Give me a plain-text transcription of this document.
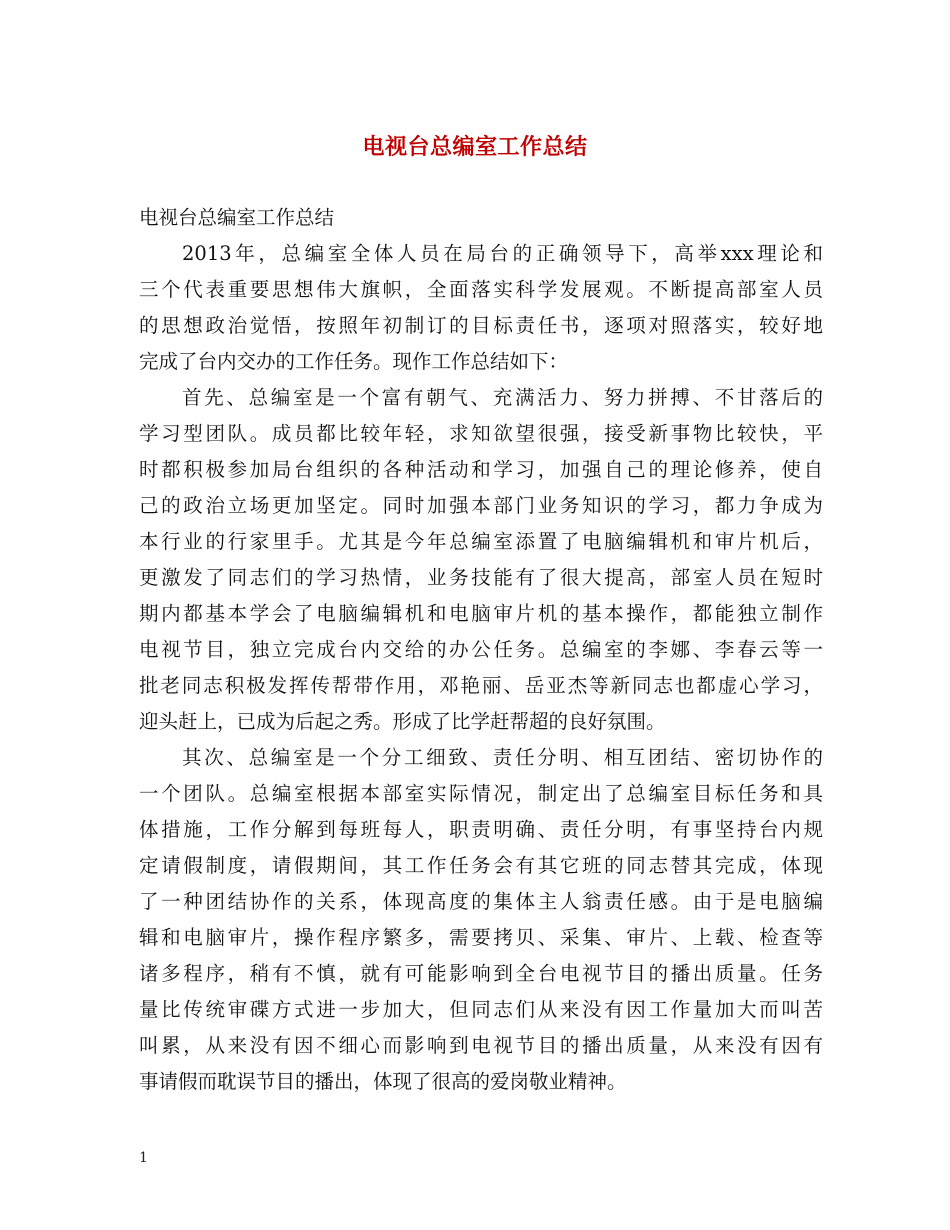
电视台总编室工作总结

电视台总编室工作总结

2013年，总编室全体人员在局台的正确领导下，高举xxx理论和
三个代表重要思想伟大旗帜，全面落实科学发展观。不断提高部室人员
的思想政治觉悟，按照年初制订的目标责任书，逐项对照落实，较好地
完成了台内交办的工作任务。现作工作总结如下：
首先、总编室是一个富有朝气、充满活力、努力拼搏、不甘落后的
学习型团队。成员都比较年轻，求知欲望很强，接受新事物比较快，平
时都积极参加局台组织的各种活动和学习，加强自己的理论修养，使自
己的政治立场更加坚定。同时加强本部门业务知识的学习，都力争成为
本行业的行家里手。尤其是今年总编室添置了电脑编辑机和审片机后，
更激发了同志们的学习热情，业务技能有了很大提高，部室人员在短时
期内都基本学会了电脑编辑机和电脑审片机的基本操作，都能独立制作
电视节目，独立完成台内交给的办公任务。总编室的李娜、李春云等一
批老同志积极发挥传帮带作用，邓艳丽、岳亚杰等新同志也都虚心学习，
迎头赶上，已成为后起之秀。形成了比学赶帮超的良好氛围。
其次、总编室是一个分工细致、责任分明、相互团结、密切协作的
一个团队。总编室根据本部室实际情况，制定出了总编室目标任务和具
体措施，工作分解到每班每人，职责明确、责任分明，有事坚持台内规
定请假制度，请假期间，其工作任务会有其它班的同志替其完成，体现
了一种团结协作的关系，体现高度的集体主人翁责任感。由于是电脑编
辑和电脑审片，操作程序繁多，需要拷贝、采集、审片、上载、检查等
诸多程序，稍有不慎，就有可能影响到全台电视节目的播出质量。任务
量比传统审碟方式进一步加大，但同志们从来没有因工作量加大而叫苦
叫累，从来没有因不细心而影响到电视节目的播出质量，从来没有因有
事请假而耽误节目的播出，体现了很高的爱岗敬业精神。
1
